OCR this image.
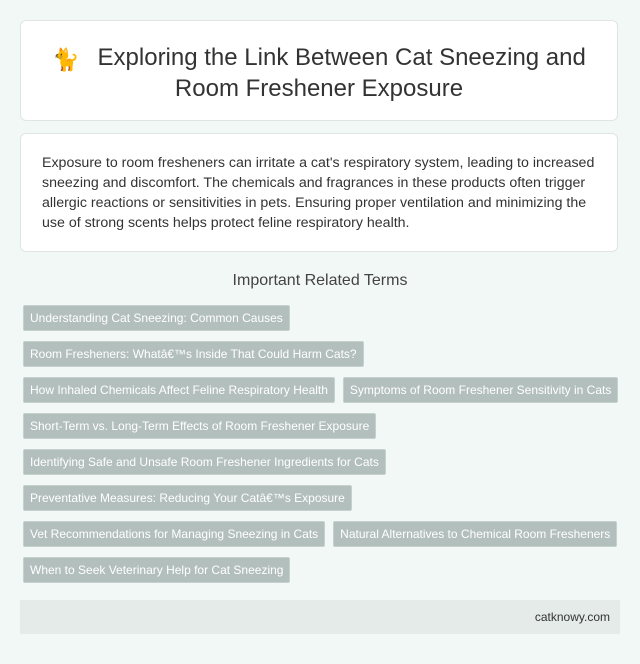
🐈 Exploring the Link Between Cat Sneezing and Room Freshener Exposure

Exposure to room fresheners can irritate a cat's respiratory system, leading to increased sneezing and discomfort. The chemicals and fragrances in these products often trigger allergic reactions or sensitivities in pets. Ensuring proper ventilation and minimizing the use of strong scents helps protect feline respiratory health.

Important Related Terms
Understanding Cat Sneezing: Common CausesRoom Fresheners: Whatâ€™s Inside That Could Harm Cats?How Inhaled Chemicals Affect Feline Respiratory Health Symptoms of Room Freshener Sensitivity in CatsShort-Term vs. Long-Term Effects of Room Freshener ExposureIdentifying Safe and Unsafe Room Freshener Ingredients for CatsPreventative Measures: Reducing Your Catâ€™s ExposureVet Recommendations for Managing Sneezing in Cats Natural Alternatives to Chemical Room FreshenersWhen to Seek Veterinary Help for Cat Sneezing
catknowy.com
